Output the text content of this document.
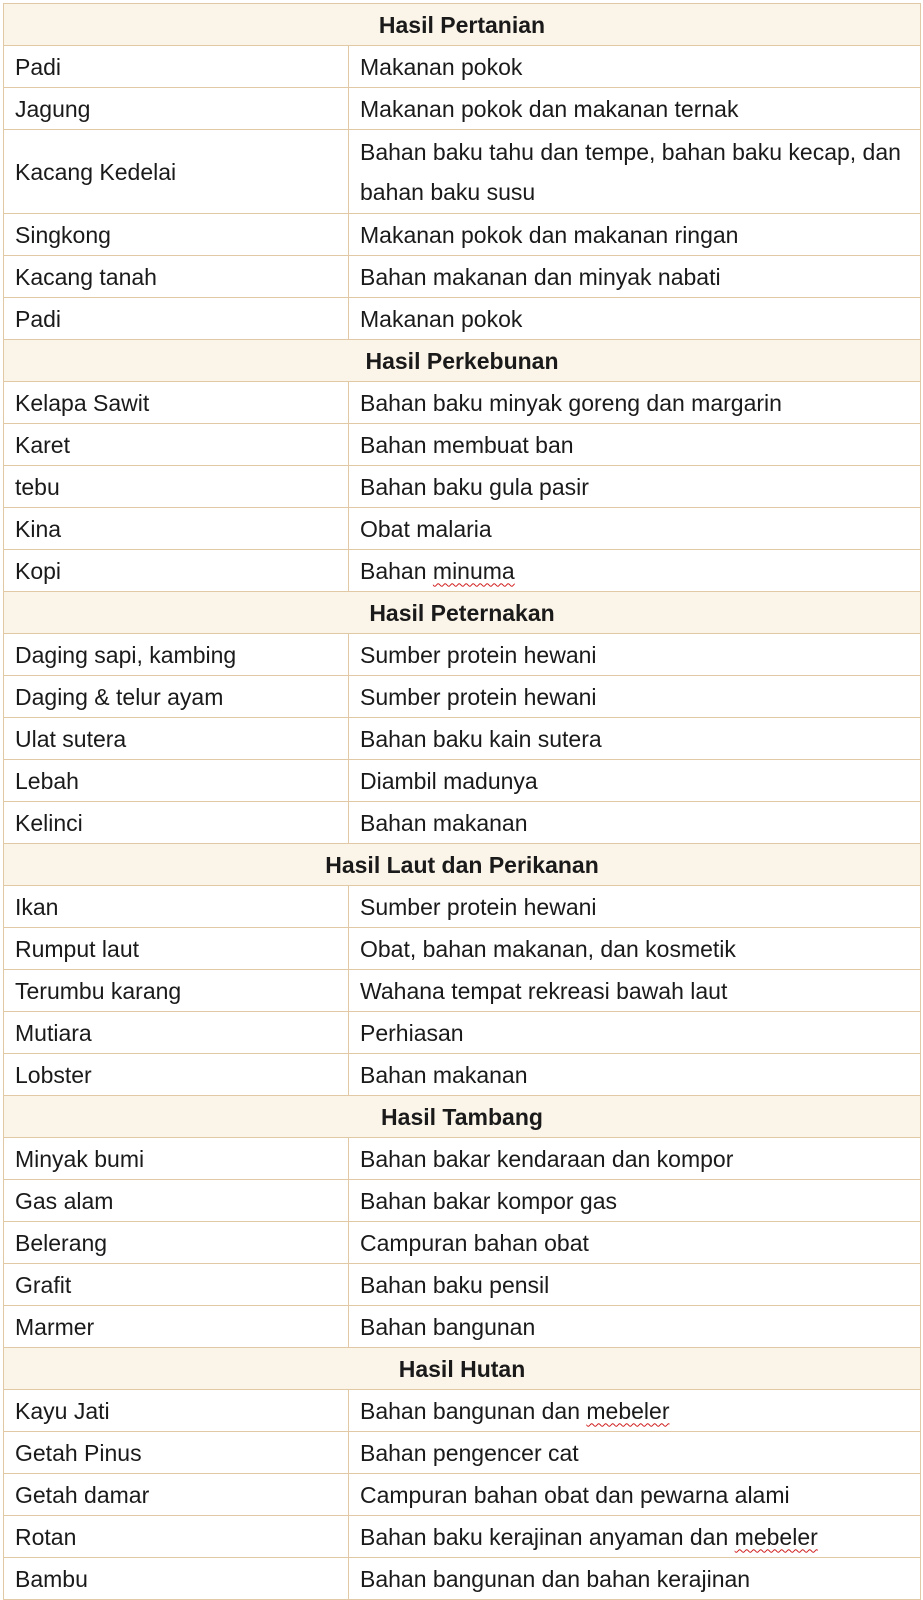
Hasil Pertanian	
Padi	Makanan pokok
Jagung	Makanan pokok dan makanan ternak
Kacang Kedelai	Bahan baku tahu dan tempe, bahan baku kecap, dan bahan baku susu
Singkong	Makanan pokok dan makanan ringan
Kacang tanah	Bahan makanan dan minyak nabati
Padi	Makanan pokok
Hasil Perkebunan	
Kelapa Sawit	Bahan baku minyak goreng dan margarin
Karet	Bahan membuat ban
tebu	Bahan baku gula pasir
Kina	Obat malaria
Kopi	Bahan minuma
Hasil Peternakan	
Daging sapi, kambing	Sumber protein hewani
Daging & telur ayam	Sumber protein hewani
Ulat sutera	Bahan baku kain sutera
Lebah	Diambil madunya
Kelinci	Bahan makanan
Hasil Laut dan Perikanan	
Ikan	Sumber protein hewani
Rumput laut	Obat, bahan makanan, dan kosmetik
Terumbu karang	Wahana tempat rekreasi bawah laut
Mutiara	Perhiasan
Lobster	Bahan makanan
Hasil Tambang	
Minyak bumi	Bahan bakar kendaraan dan kompor
Gas alam	Bahan bakar kompor gas
Belerang	Campuran bahan obat
Grafit	Bahan baku pensil
Marmer	Bahan bangunan
Hasil Hutan	
Kayu Jati	Bahan bangunan dan mebeler
Getah Pinus	Bahan pengencer cat
Getah damar	Campuran bahan obat dan pewarna alami
Rotan	Bahan baku kerajinan anyaman dan mebeler
Bambu	Bahan bangunan dan bahan kerajinan
